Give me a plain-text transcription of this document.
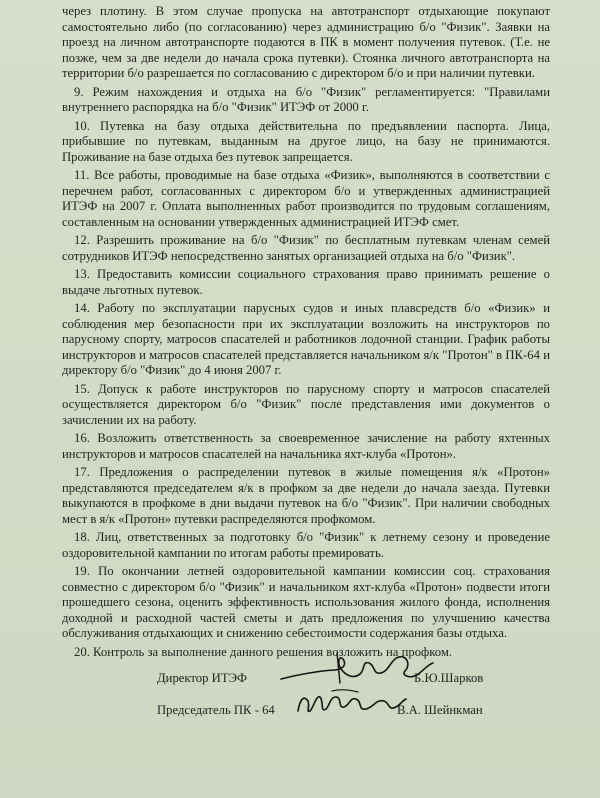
через плотину. В этом случае пропуска на автотранспорт отдыхающие покупают самостоятельно либо (по согласованию) через администрацию б/о "Физик". Заявки на проезд на личном автотранспорте подаются в ПК в момент получения путевок. (Т.е. не позже, чем за две недели до начала срока путевки). Стоянка личного автотранспорта на территории б/о разрешается по согласованию с директором б/о и при наличии путевки.

9. Режим нахождения и отдыха на б/о "Физик" регламентируется: "Правилами внутреннего распорядка на б/о "Физик" ИТЭФ от 2000 г.

10. Путевка на базу отдыха действительна по предъявлении паспорта. Лица, прибывшие по путевкам, выданным на другое лицо, на базу не принимаются. Проживание на базе отдыха без путевок запрещается.

11. Все работы, проводимые на базе отдыха «Физик», выполняются в соответствии с перечнем работ, согласованных с директором б/о и утвержденных администрацией ИТЭФ на 2007 г. Оплата выполненных работ производится по трудовым соглашениям, составленным на основании утвержденных администрацией ИТЭФ смет.

12. Разрешить проживание на б/о "Физик" по бесплатным путевкам членам семей сотрудников ИТЭФ непосредственно занятых организацией отдыха на б/о "Физик".

13. Предоставить комиссии социального страхования право принимать решение о выдаче льготных путевок.

14. Работу по эксплуатации парусных судов и иных плавсредств б/о «Физик» и соблюдения мер безопасности при их эксплуатации возложить на инструкторов по парусному спорту, матросов спасателей и работников лодочной станции. График работы инструкторов и матросов спасателей представляется начальником я/к "Протон" в ПК-64 и директору б/о "Физик" до 4 июня 2007 г.

15. Допуск к работе инструкторов по парусному спорту и матросов спасателей осуществляется директором б/о "Физик" после представления ими документов о зачислении их на работу.

16. Возложить ответственность за своевременное зачисление на работу яхтенных инструкторов и матросов спасателей на начальника яхт-клуба «Протон».

17. Предложения о распределении путевок в жилые помещения я/к «Протон» представляются председателем я/к в профком за две недели до начала заезда. Путевки выкупаются в профкоме в дни выдачи путевок на б/о "Физик". При наличии свободных мест в я/к «Протон» путевки распределяются профкомом.

18. Лиц, ответственных за подготовку б/о "Физик" к летнему сезону и проведение оздоровительной кампании по итогам работы премировать.

19. По окончании летней оздоровительной кампании комиссии соц. страхования совместно с директором б/о "Физик" и начальником яхт-клуба «Протон» подвести итоги прошедшего сезона, оценить эффективность использования жилого фонда, исполнения доходной и расходной частей сметы и дать предложения по улучшению качества обслуживания отдыхающих и снижению себестоимости содержания базы отдыха.

20. Контроль за выполнение данного решения возложить на профком.

Директор ИТЭФ	Б.Ю.Шарков
Председатель ПК - 64	В.А. Шейнкман
